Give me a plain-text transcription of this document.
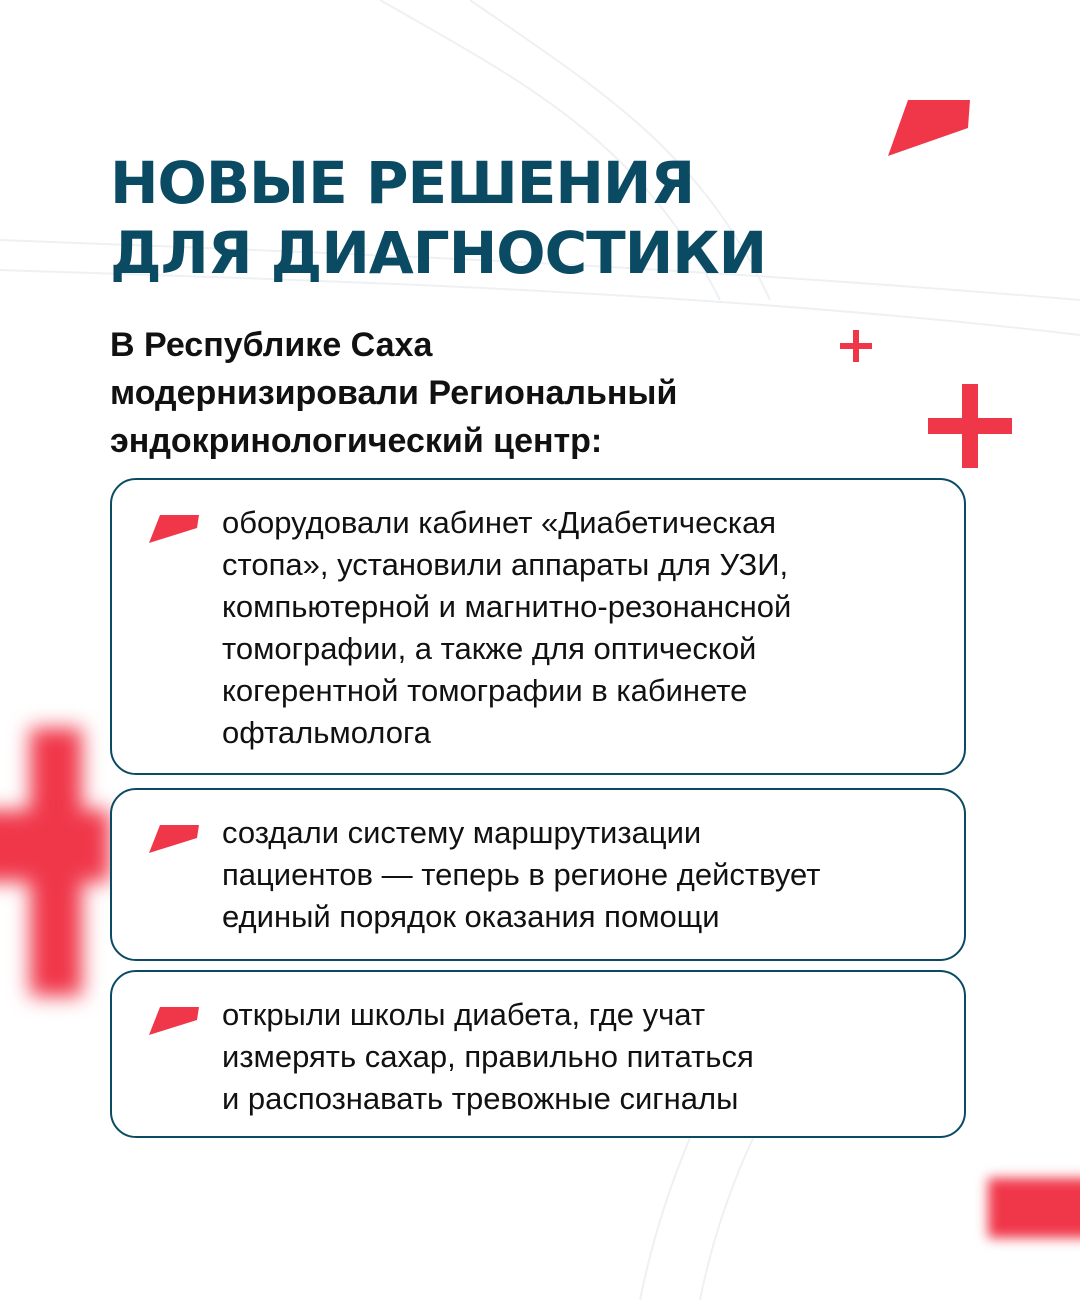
НОВЫЕ РЕШЕНИЯ
ДЛЯ ДИАГНОСТИКИ

В Республике Саха
модернизировали Региональный
эндокринологический центр:

оборудовали кабинет «Диабетическая
стопа», установили аппараты для УЗИ,
компьютерной и магнитно-резонансной
томографии, а также для оптической
когерентной томографии в кабинете
офтальмолога

создали систему маршрутизации
пациентов — теперь в регионе действует
единый порядок оказания помощи

открыли школы диабета, где учат
измерять сахар, правильно питаться
и распознавать тревожные сигналы
